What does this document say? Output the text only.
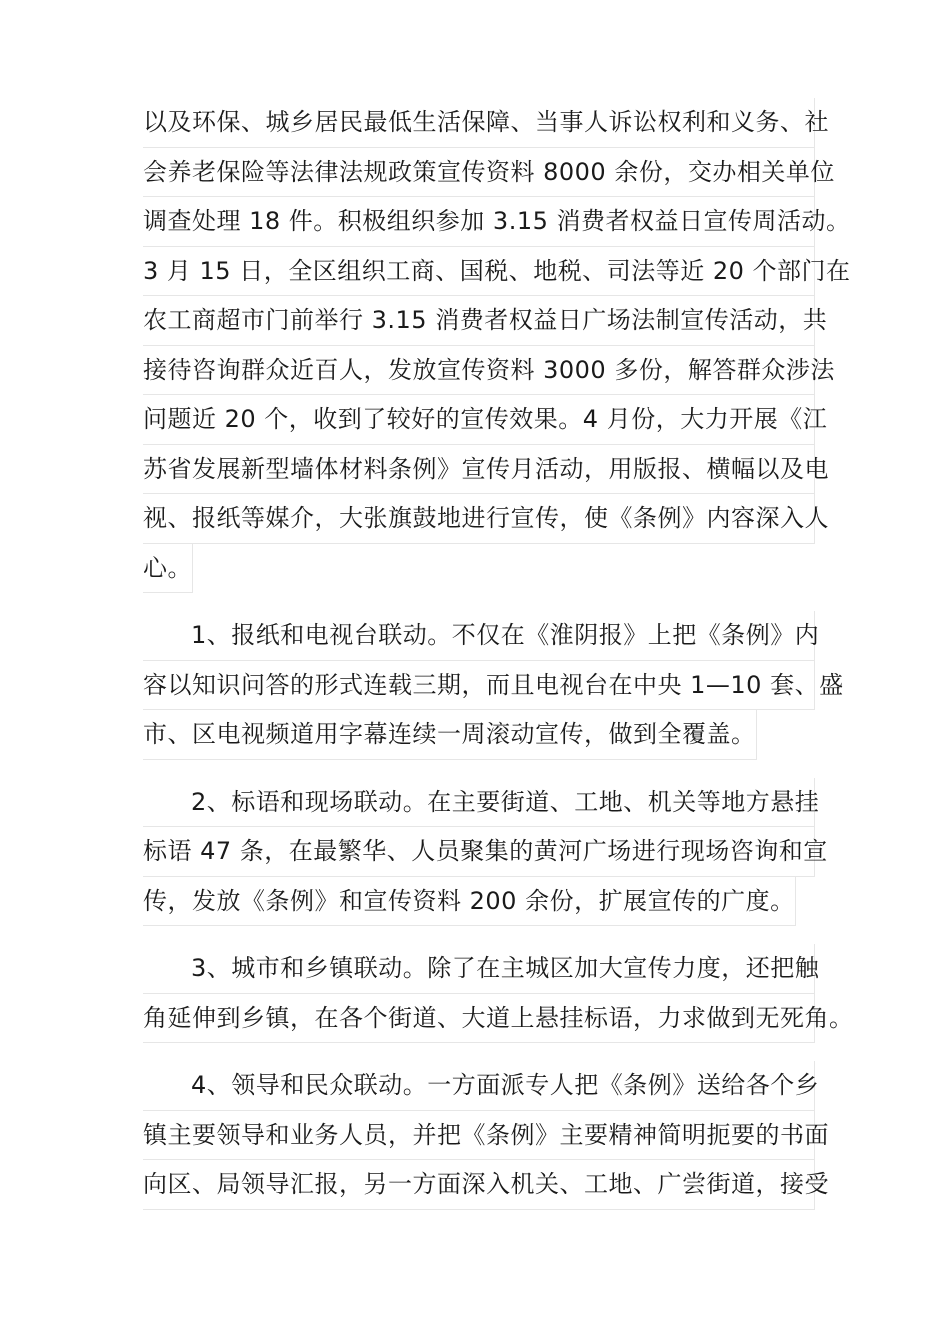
以及环保、城乡居民最低生活保障、当事人诉讼权利和义务、社
会养老保险等法律法规政策宣传资料 8000 余份，交办相关单位
调查处理 18 件。积极组织参加 3.15 消费者权益日宣传周活动。
3 月 15 日，全区组织工商、国税、地税、司法等近 20 个部门在
农工商超市门前举行 3.15 消费者权益日广场法制宣传活动，共
接待咨询群众近百人，发放宣传资料 3000 多份，解答群众涉法
问题近 20 个，收到了较好的宣传效果。4 月份，大力开展《江
苏省发展新型墙体材料条例》宣传月活动，用版报、横幅以及电
视、报纸等媒介，大张旗鼓地进行宣传，使《条例》内容深入人
心。
1、报纸和电视台联动。不仅在《淮阴报》上把《条例》内
容以知识问答的形式连载三期，而且电视台在中央 1—10 套、盛
市、区电视频道用字幕连续一周滚动宣传，做到全覆盖。
2、标语和现场联动。在主要街道、工地、机关等地方悬挂
标语 47 条，在最繁华、人员聚集的黄河广场进行现场咨询和宣
传，发放《条例》和宣传资料 200 余份，扩展宣传的广度。
3、城市和乡镇联动。除了在主城区加大宣传力度，还把触
角延伸到乡镇，在各个街道、大道上悬挂标语，力求做到无死角。
4、领导和民众联动。一方面派专人把《条例》送给各个乡
镇主要领导和业务人员，并把《条例》主要精神简明扼要的书面
向区、局领导汇报，另一方面深入机关、工地、广尝街道，接受
